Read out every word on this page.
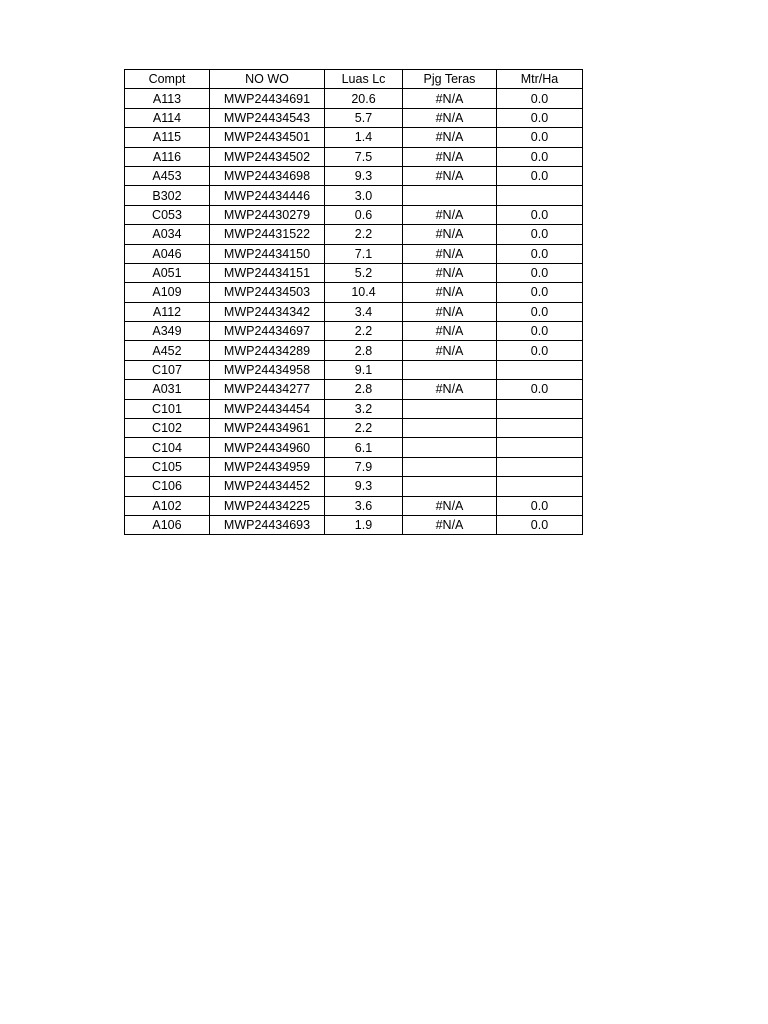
Compt	NO WO	Luas Lc	Pjg Teras	Mtr/Ha
A113	MWP24434691	20.6	#N/A	0.0
A114	MWP24434543	5.7	#N/A	0.0
A115	MWP24434501	1.4	#N/A	0.0
A116	MWP24434502	7.5	#N/A	0.0
A453	MWP24434698	9.3	#N/A	0.0
B302	MWP24434446	3.0		
C053	MWP24430279	0.6	#N/A	0.0
A034	MWP24431522	2.2	#N/A	0.0
A046	MWP24434150	7.1	#N/A	0.0
A051	MWP24434151	5.2	#N/A	0.0
A109	MWP24434503	10.4	#N/A	0.0
A112	MWP24434342	3.4	#N/A	0.0
A349	MWP24434697	2.2	#N/A	0.0
A452	MWP24434289	2.8	#N/A	0.0
C107	MWP24434958	9.1		
A031	MWP24434277	2.8	#N/A	0.0
C101	MWP24434454	3.2		
C102	MWP24434961	2.2		
C104	MWP24434960	6.1		
C105	MWP24434959	7.9		
C106	MWP24434452	9.3		
A102	MWP24434225	3.6	#N/A	0.0
A106	MWP24434693	1.9	#N/A	0.0
